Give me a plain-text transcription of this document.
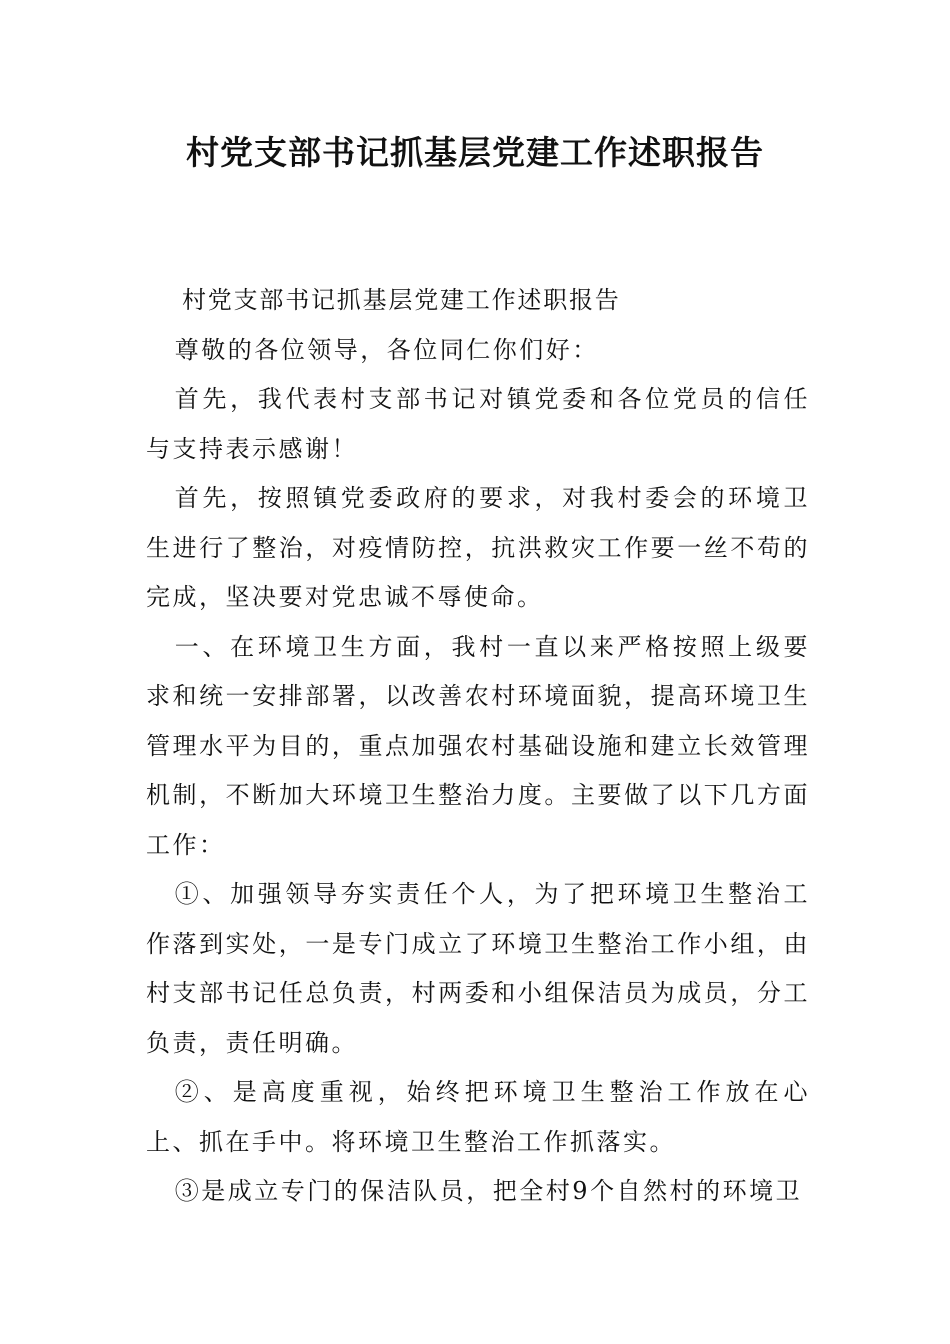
村党支部书记抓基层党建工作述职报告

村党支部书记抓基层党建工作述职报告

尊敬的各位领导，各位同仁你们好：

首先，我代表村支部书记对镇党委和各位党员的信任与支持表示感谢！

首先，按照镇党委政府的要求，对我村委会的环境卫生进行了整治，对疫情防控，抗洪救灾工作要一丝不苟的完成，坚决要对党忠诚不辱使命。

一、在环境卫生方面，我村一直以来严格按照上级要求和统一安排部署，以改善农村环境面貌，提高环境卫生管理水平为目的，重点加强农村基础设施和建立长效管理机制，不断加大环境卫生整治力度。主要做了以下几方面工作：

①、加强领导夯实责任个人，为了把环境卫生整治工作落到实处，一是专门成立了环境卫生整治工作小组，由村支部书记任总负责，村两委和小组保洁员为成员，分工负责，责任明确。

②、是高度重视，始终把环境卫生整治工作放在心上、抓在手中。将环境卫生整治工作抓落实。

③是成立专门的保洁队员，把全村9个自然村的环境卫
